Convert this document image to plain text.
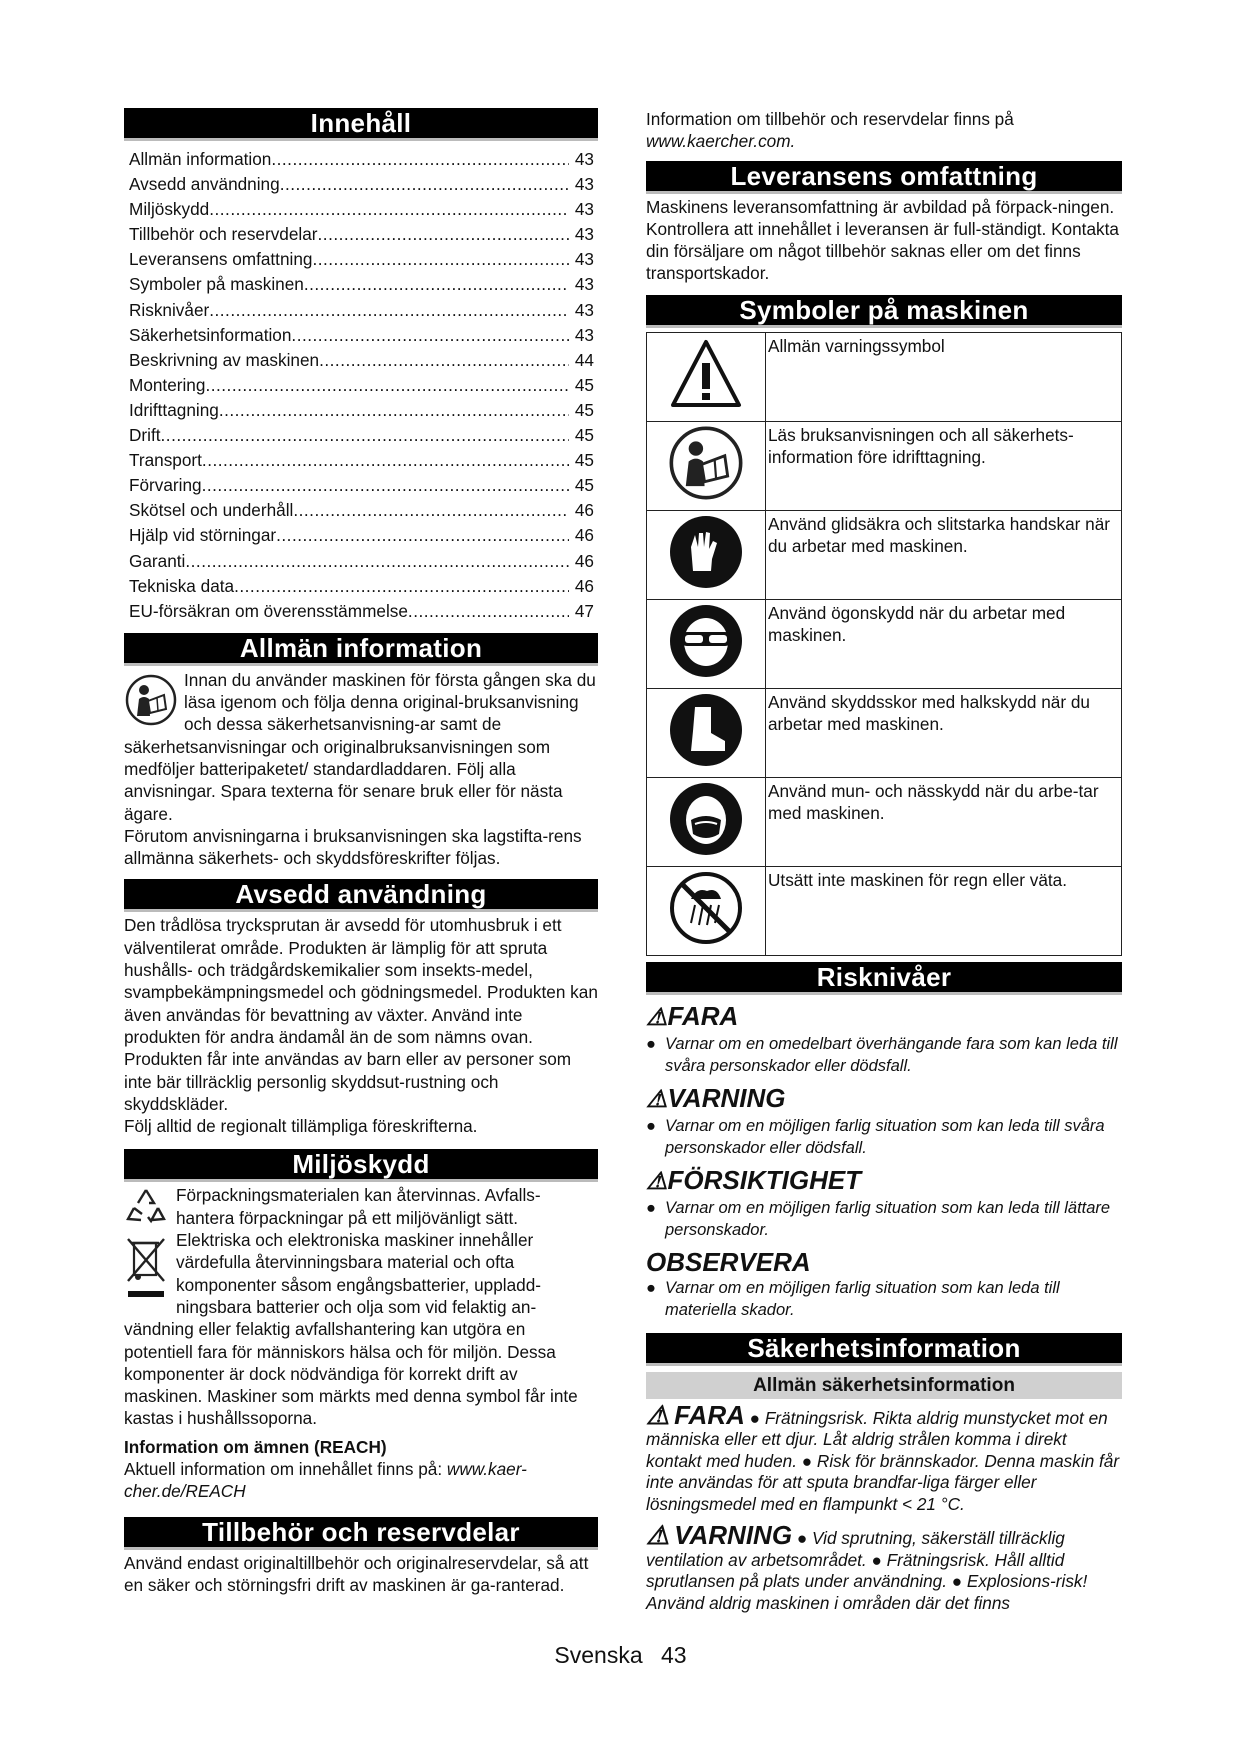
Innehåll
Allmän information .....	43
Avsedd användning .....	43
Miljöskydd .....	43
Tillbehör och reservdelar .....	43
Leveransens omfattning .....	43
Symboler på maskinen .....	43
Risknivåer .....	43
Säkerhetsinformation .....	43
Beskrivning av maskinen .....	44
Montering .....	45
Idrifttagning .....	45
Drift .....	45
Transport .....	45
Förvaring .....	45
Skötsel och underhåll .....	46
Hjälp vid störningar .....	46
Garanti .....	46
Tekniska data .....	46
EU-försäkran om överensstämmelse .....	47
Allmän information

Innan du använder maskinen för första gången ska du läsa igenom och följa denna original-bruksanvisning och dessa säkerhetsanvisning-ar samt de säkerhetsanvisningar och originalbruksanvisningen som medföljer batteripaketet/ standardladdaren. Följ alla anvisningar. Spara texterna för senare bruk eller för nästa ägare.

Förutom anvisningarna i bruksanvisningen ska lagstifta-rens allmänna säkerhets- och skyddsföreskrifter följas.

Avsedd användning

Den trådlösa trycksprutan är avsedd för utomhusbruk i ett välventilerat område. Produkten är lämplig för att spruta hushålls- och trädgårdskemikalier som insekts-medel, svampbekämpningsmedel och gödningsmedel. Produkten kan även användas för bevattning av växter. Använd inte produkten för andra ändamål än de som nämns ovan. Produkten får inte användas av barn eller av personer som inte bär tillräcklig personlig skyddsut-rustning och skyddskläder.

Följ alltid de regionalt tillämpliga föreskrifterna.

Miljöskydd

Förpackningsmaterialen kan återvinnas. Avfalls-hantera förpackningar på ett miljövänligt sätt.

Elektriska och elektroniska maskiner innehåller värdefulla återvinningsbara material och ofta komponenter såsom engångsbatterier, uppladd-ningsbara batterier och olja som vid felaktig an-vändning eller felaktig avfallshantering kan utgöra en potentiell fara för människors hälsa och för miljön. Dessa komponenter är dock nödvändiga för korrekt drift av maskinen. Maskiner som märkts med denna symbol får inte kastas i hushållssoporna.

Information om ämnen (REACH)

Aktuell information om innehållet finns på: www.kaer-cher.de/REACH

Tillbehör och reservdelar

Använd endast originaltillbehör och originalreservdelar, så att en säker och störningsfri drift av maskinen är ga-ranterad.

Information om tillbehör och reservdelar finns på

www.kaercher.com.

Leveransens omfattning

Maskinens leveransomfattning är avbildad på förpack-ningen. Kontrollera att innehållet i leveransen är full-ständigt. Kontakta din försäljare om något tillbehör saknas eller om det finns transportskador.

Symboler på maskinen
	Allmän varningssymbol
	Läs bruksanvisningen och all säkerhets-information före idrifttagning.
	Använd glidsäkra och slitstarka handskar när du arbetar med maskinen.
	Använd ögonskydd när du arbetar med maskinen.
	Använd skyddsskor med halkskydd när du arbetar med maskinen.
	Använd mun- och nässkydd när du arbe-tar med maskinen.
	Utsätt inte maskinen för regn eller väta.
Risknivåer

⚠FARA

● Varnar om en omedelbart överhängande fara som kan leda till svåra personskador eller dödsfall.

⚠VARNING

● Varnar om en möjligen farlig situation som kan leda till svåra personskador eller dödsfall.

⚠FÖRSIKTIGHET

● Varnar om en möjligen farlig situation som kan leda till lättare personskador.

OBSERVERA

● Varnar om en möjligen farlig situation som kan leda till materiella skador.

Säkerhetsinformation
Allmän säkerhetsinformation

⚠ FARA ● Frätningsrisk. Rikta aldrig munstycket mot en människa eller ett djur. Låt aldrig strålen komma i direkt kontakt med huden. ● Risk för brännskador. Denna maskin får inte användas för att sputa brandfar-liga färger eller lösningsmedel med en flampunkt < 21 °C.

⚠ VARNING ● Vid sprutning, säkerställ tillräcklig ventilation av arbetsområdet. ● Frätningsrisk. Håll alltid sprutlansen på plats under användning. ● Explosions-risk! Använd aldrig maskinen i områden där det finns

Svenska 43
